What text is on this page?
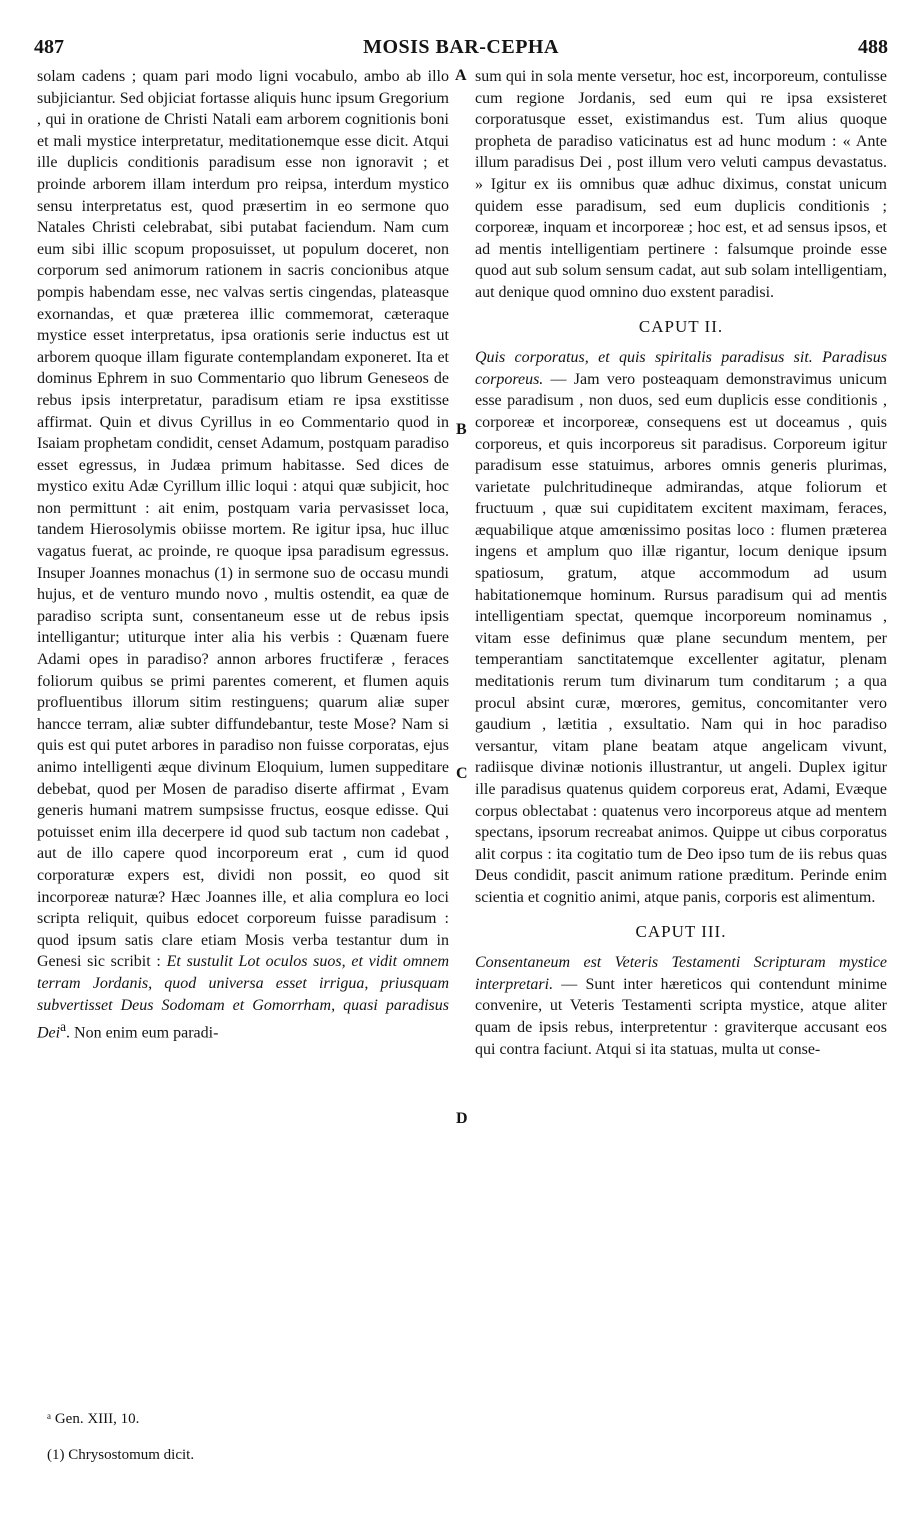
487	MOSIS BAR-CEPHA	488
A
B
C
D

solam cadens ; quam pari modo ligni vocabulo, ambo ab illo subjiciantur. Sed objiciat fortasse aliquis hunc ipsum Gregorium , qui in oratione de Christi Natali eam arborem cognitionis boni et mali mystice interpretatur, meditationemque esse dicit. Atqui ille duplicis conditionis paradisum esse non ignoravit ; et proinde arborem illam interdum pro reipsa, interdum mystico sensu interpretatus est, quod præsertim in eo sermone quo Natales Christi celebrabat, sibi putabat faciendum. Nam cum eum sibi illic scopum proposuisset, ut populum doceret, non corporum sed animorum rationem in sacris concionibus atque pompis habendam esse, nec valvas sertis cingendas, plateasque exornandas, et quæ præterea illic commemorat, cæteraque mystice esset interpretatus, ipsa orationis serie inductus est ut arborem quoque illam figurate contemplandam exponeret. Ita et dominus Ephrem in suo Commentario quo librum Geneseos de rebus ipsis interpretatur, paradisum etiam re ipsa exstitisse affirmat. Quin et divus Cyrillus in eo Commentario quod in Isaiam prophetam condidit, censet Adamum, postquam paradiso esset egressus, in Judæa primum habitasse. Sed dices de mystico exitu Adæ Cyrillum illic loqui : atqui quæ subjicit, hoc non permittunt : ait enim, postquam varia pervasisset loca, tandem Hierosolymis obiisse mortem. Re igitur ipsa, huc illuc vagatus fuerat, ac proinde, re quoque ipsa paradisum egressus. Insuper Joannes monachus (1) in sermone suo de occasu mundi hujus, et de venturo mundo novo , multis ostendit, ea quæ de paradiso scripta sunt, consentaneum esse ut de rebus ipsis intelligantur; utiturque inter alia his verbis : Quænam fuere Adami opes in paradiso? annon arbores fructiferæ , feraces foliorum quibus se primi parentes comerent, et flumen aquis profluentibus illorum sitim restinguens; quarum aliæ super hancce terram, aliæ subter diffundebantur, teste Mose? Nam si quis est qui putet arbores in paradiso non fuisse corporatas, ejus animo intelligenti æque divinum Eloquium, lumen suppeditare debebat, quod per Mosen de paradiso diserte affirmat , Evam generis humani matrem sumpsisse fructus, eosque edisse. Qui potuisset enim illa decerpere id quod sub tactum non cadebat , aut de illo capere quod incorporeum erat , cum id quod corporaturæ expers est, dividi non possit, eo quod sit incorporeæ naturæ? Hæc Joannes ille, et alia complura eo loci scripta reliquit, quibus edocet corporeum fuisse paradisum : quod ipsum satis clare etiam Mosis verba testantur dum in Genesi sic scribit : Et sustulit Lot oculos suos, et vidit omnem terram Jordanis, quod universa esset irrigua, priusquam subvertisset Deus Sodomam et Gomorrham, quasi paradisus Dei$^a$. Non enim eum paradi-

sum qui in sola mente versetur, hoc est, incorporeum, contulisse cum regione Jordanis, sed eum qui re ipsa exsisteret corporatusque esset, existimandus est. Tum alius quoque propheta de paradiso vaticinatus est ad hunc modum : « Ante illum paradisus Dei , post illum vero veluti campus devastatus. » Igitur ex iis omnibus quæ adhuc diximus, constat unicum quidem esse paradisum, sed eum duplicis conditionis ; corporeæ, inquam et incorporeæ ; hoc est, et ad sensus ipsos, et ad mentis intelligentiam pertinere : falsumque proinde esse quod aut sub solum sensum cadat, aut sub solam intelligentiam, aut denique quod omnino duo exstent paradisi.

CAPUT II.

Quis corporatus, et quis spiritalis paradisus sit. Paradisus corporeus. — Jam vero posteaquam demonstravimus unicum esse paradisum , non duos, sed eum duplicis esse conditionis , corporeæ et incorporeæ, consequens est ut doceamus , quis corporeus, et quis incorporeus sit paradisus. Corporeum igitur paradisum esse statuimus, arbores omnis generis plurimas, varietate pulchritudineque admirandas, atque foliorum et fructuum , quæ sui cupiditatem excitent maximam, feraces, æquabilique atque amœnissimo positas loco : flumen præterea ingens et amplum quo illæ rigantur, locum denique ipsum spatiosum, gratum, atque accommodum ad usum habitationemque hominum. Rursus paradisum qui ad mentis intelligentiam spectat, quemque incorporeum nominamus , vitam esse definimus quæ plane secundum mentem, per temperantiam sanctitatemque excellenter agitatur, plenam meditationis rerum tum divinarum tum conditarum ; a qua procul absint curæ, mœrores, gemitus, concomitanter vero gaudium , lætitia , exsultatio. Nam qui in hoc paradiso versantur, vitam plane beatam atque angelicam vivunt, radiisque divinæ notionis illustrantur, ut angeli. Duplex igitur ille paradisus quatenus quidem corporeus erat, Adami, Evæque corpus oblectabat : quatenus vero incorporeus atque ad mentem spectans, ipsorum recreabat animos. Quippe ut cibus corporatus alit corpus : ita cogitatio tum de Deo ipso tum de iis rebus quas Deus condidit, pascit animum ratione præditum. Perinde enim scientia et cognitio animi, atque panis, corporis est alimentum.

CAPUT III.

Consentaneum est Veteris Testamenti Scripturam mystice interpretari. — Sunt inter hæreticos qui contendunt minime convenire, ut Veteris Testamenti scripta mystice, atque aliter quam de ipsis rebus, interpretentur : graviterque accusant eos qui contra faciunt. Atqui si ita statuas, multa ut conse-

ᵃ Gen. XIII, 10.
(1) Chrysostomum dicit.
